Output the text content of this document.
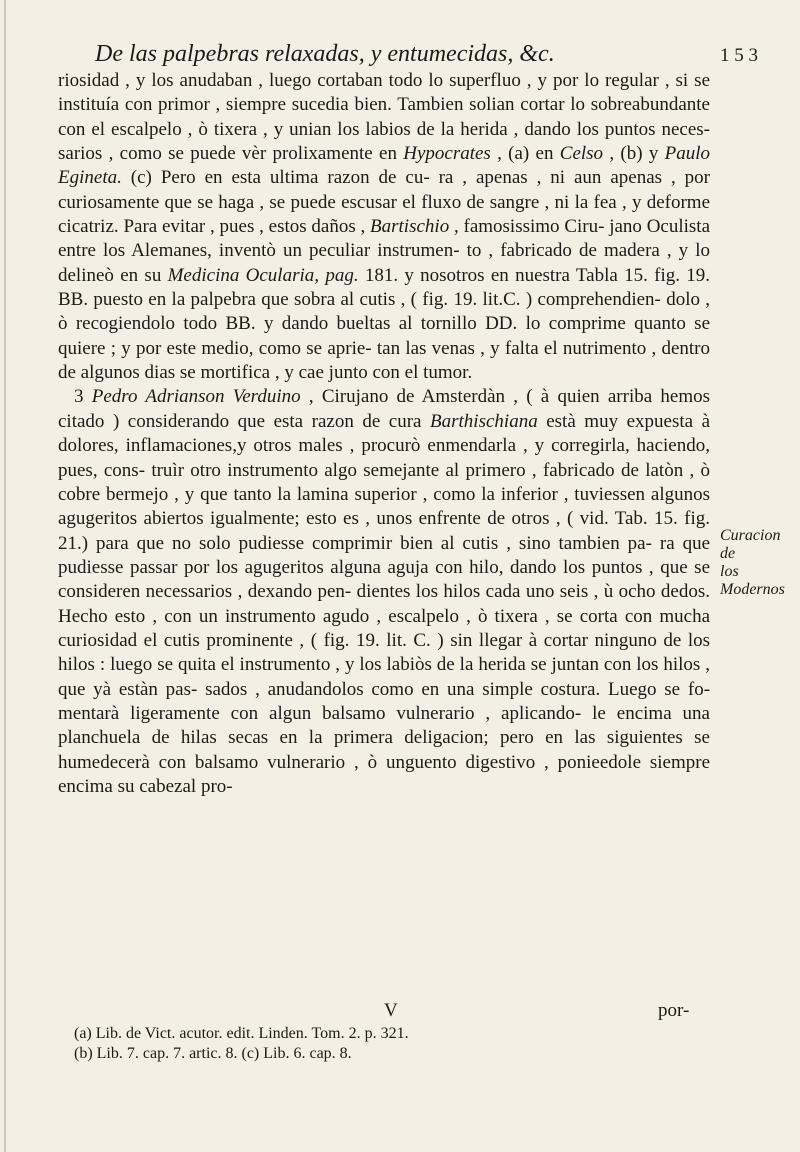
De las palpebras relaxadas, y entumecidas, &c.	1 5 3

riosidad , y los anudaban , luego cortaban todo lo superfluo , y por lo regular , si se instituía con primor , siempre sucedia bien. Tambien solian cortar lo sobreabundante con el escalpelo , ò tixera , y unian los labios de la herida , dando los puntos neces- sarios , como se puede vèr prolixamente en Hypocrates , (a) en Celso , (b) y Paulo Egineta. (c) Pero en esta ultima razon de cu- ra , apenas , ni aun apenas , por curiosamente que se haga , se puede escusar el fluxo de sangre , ni la fea , y deforme cicatriz. Para evitar , pues , estos daños , Bartischio , famosissimo Ciru- jano Oculista entre los Alemanes, inventò un peculiar instrumen- to , fabricado de madera , y lo delineò en su Medicina Ocularia, pag. 181. y nosotros en nuestra Tabla 15. fig. 19. BB. puesto en la palpebra que sobra al cutis , ( fig. 19. lit.C. ) comprehendien- dolo , ò recogiendolo todo BB. y dando bueltas al tornillo DD. lo comprime quanto se quiere ; y por este medio, como se aprie- tan las venas , y falta el nutrimento , dentro de algunos dias se mortifica , y cae junto con el tumor.

3 Pedro Adrianson Verduino , Cirujano de Amsterdàn , ( à quien arriba hemos citado ) considerando que esta razon de cura Barthischiana està muy expuesta à dolores, inflamaciones,y otros males , procurò enmendarla , y corregirla, haciendo, pues, cons- truìr otro instrumento algo semejante al primero , fabricado de latòn , ò cobre bermejo , y que tanto la lamina superior , como la inferior , tuviessen algunos agugeritos abiertos igualmente; esto es , unos enfrente de otros , ( vid. Tab. 15. fig. 21.) para que no solo pudiesse comprimir bien al cutis , sino tambien pa- ra que pudiesse passar por los agugeritos alguna aguja con hilo, dando los puntos , que se consideren necessarios , dexando pen- dientes los hilos cada uno seis , ù ocho dedos. Hecho esto , con un instrumento agudo , escalpelo , ò tixera , se corta con mucha curiosidad el cutis prominente , ( fig. 19. lit. C. ) sin llegar à cortar ninguno de los hilos : luego se quita el instrumento , y los labiòs de la herida se juntan con los hilos , que yà estàn pas- sados , anudandolos como en una simple costura. Luego se fo- mentarà ligeramente con algun balsamo vulnerario , aplicando- le encima una planchuela de hilas secas en la primera deligacion; pero en las siguientes se humedecerà con balsamo vulnerario , ò unguento digestivo , ponieedole siempre encima su cabezal pro-

Curacion de
los Modernos
V	por-
(a) Lib. de Vict. acutor. edit. Linden. Tom. 2. p. 321.
(b) Lib. 7. cap. 7. artic. 8. (c) Lib. 6. cap. 8.
